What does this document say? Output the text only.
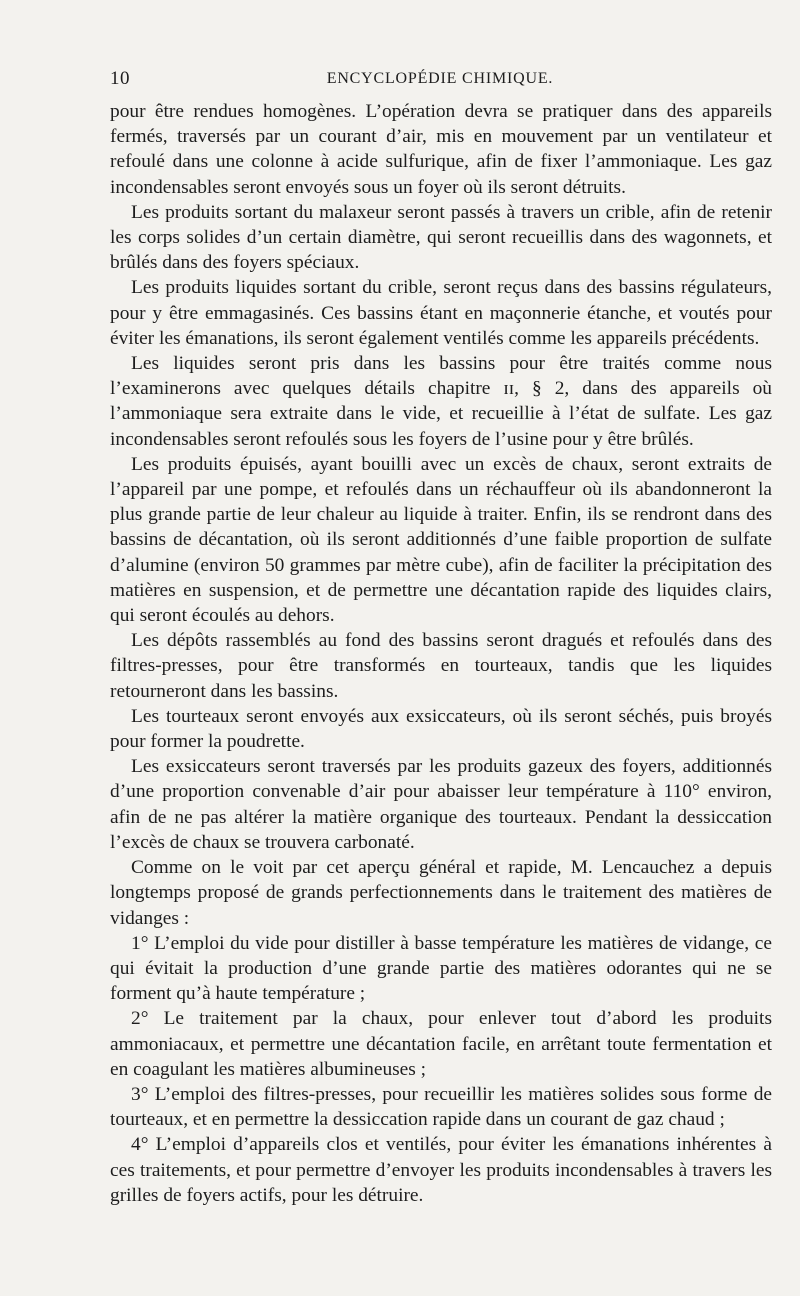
10	ENCYCLOPÉDIE CHIMIQUE.

pour être rendues homogènes. L’opération devra se pratiquer dans des appareils fermés, traversés par un courant d’air, mis en mouvement par un ventilateur et refoulé dans une colonne à acide sulfurique, afin de fixer l’ammoniaque. Les gaz incondensables seront envoyés sous un foyer où ils seront détruits.

Les produits sortant du malaxeur seront passés à travers un crible, afin de retenir les corps solides d’un certain diamètre, qui seront recueillis dans des wagonnets, et brûlés dans des foyers spéciaux.

Les produits liquides sortant du crible, seront reçus dans des bassins régulateurs, pour y être emmagasinés. Ces bassins étant en maçonnerie étanche, et voutés pour éviter les émanations, ils seront également ventilés comme les appareils précédents.

Les liquides seront pris dans les bassins pour être traités comme nous l’examinerons avec quelques détails chapitre ɪɪ, § 2, dans des appareils où l’ammoniaque sera extraite dans le vide, et recueillie à l’état de sulfate. Les gaz incondensables seront refoulés sous les foyers de l’usine pour y être brûlés.

Les produits épuisés, ayant bouilli avec un excès de chaux, seront extraits de l’appareil par une pompe, et refoulés dans un réchauffeur où ils abandonneront la plus grande partie de leur chaleur au liquide à traiter. Enfin, ils se rendront dans des bassins de décantation, où ils seront additionnés d’une faible proportion de sulfate d’alumine (environ 50 grammes par mètre cube), afin de faciliter la précipitation des matières en suspension, et de permettre une décantation rapide des liquides clairs, qui seront écoulés au dehors.

Les dépôts rassemblés au fond des bassins seront dragués et refoulés dans des filtres-presses, pour être transformés en tourteaux, tandis que les liquides retourneront dans les bassins.

Les tourteaux seront envoyés aux exsiccateurs, où ils seront séchés, puis broyés pour former la poudrette.

Les exsiccateurs seront traversés par les produits gazeux des foyers, additionnés d’une proportion convenable d’air pour abaisser leur température à 110° environ, afin de ne pas altérer la matière organique des tourteaux. Pendant la dessiccation l’excès de chaux se trouvera carbonaté.

Comme on le voit par cet aperçu général et rapide, M. Lencauchez a depuis longtemps proposé de grands perfectionnements dans le traitement des matières de vidanges :

1° L’emploi du vide pour distiller à basse température les matières de vidange, ce qui évitait la production d’une grande partie des matières odorantes qui ne se forment qu’à haute température ;

2° Le traitement par la chaux, pour enlever tout d’abord les produits ammoniacaux, et permettre une décantation facile, en arrêtant toute fermentation et en coagulant les matières albumineuses ;

3° L’emploi des filtres-presses, pour recueillir les matières solides sous forme de tourteaux, et en permettre la dessiccation rapide dans un courant de gaz chaud ;

4° L’emploi d’appareils clos et ventilés, pour éviter les émanations inhérentes à ces traitements, et pour permettre d’envoyer les produits incondensables à travers les grilles de foyers actifs, pour les détruire.
